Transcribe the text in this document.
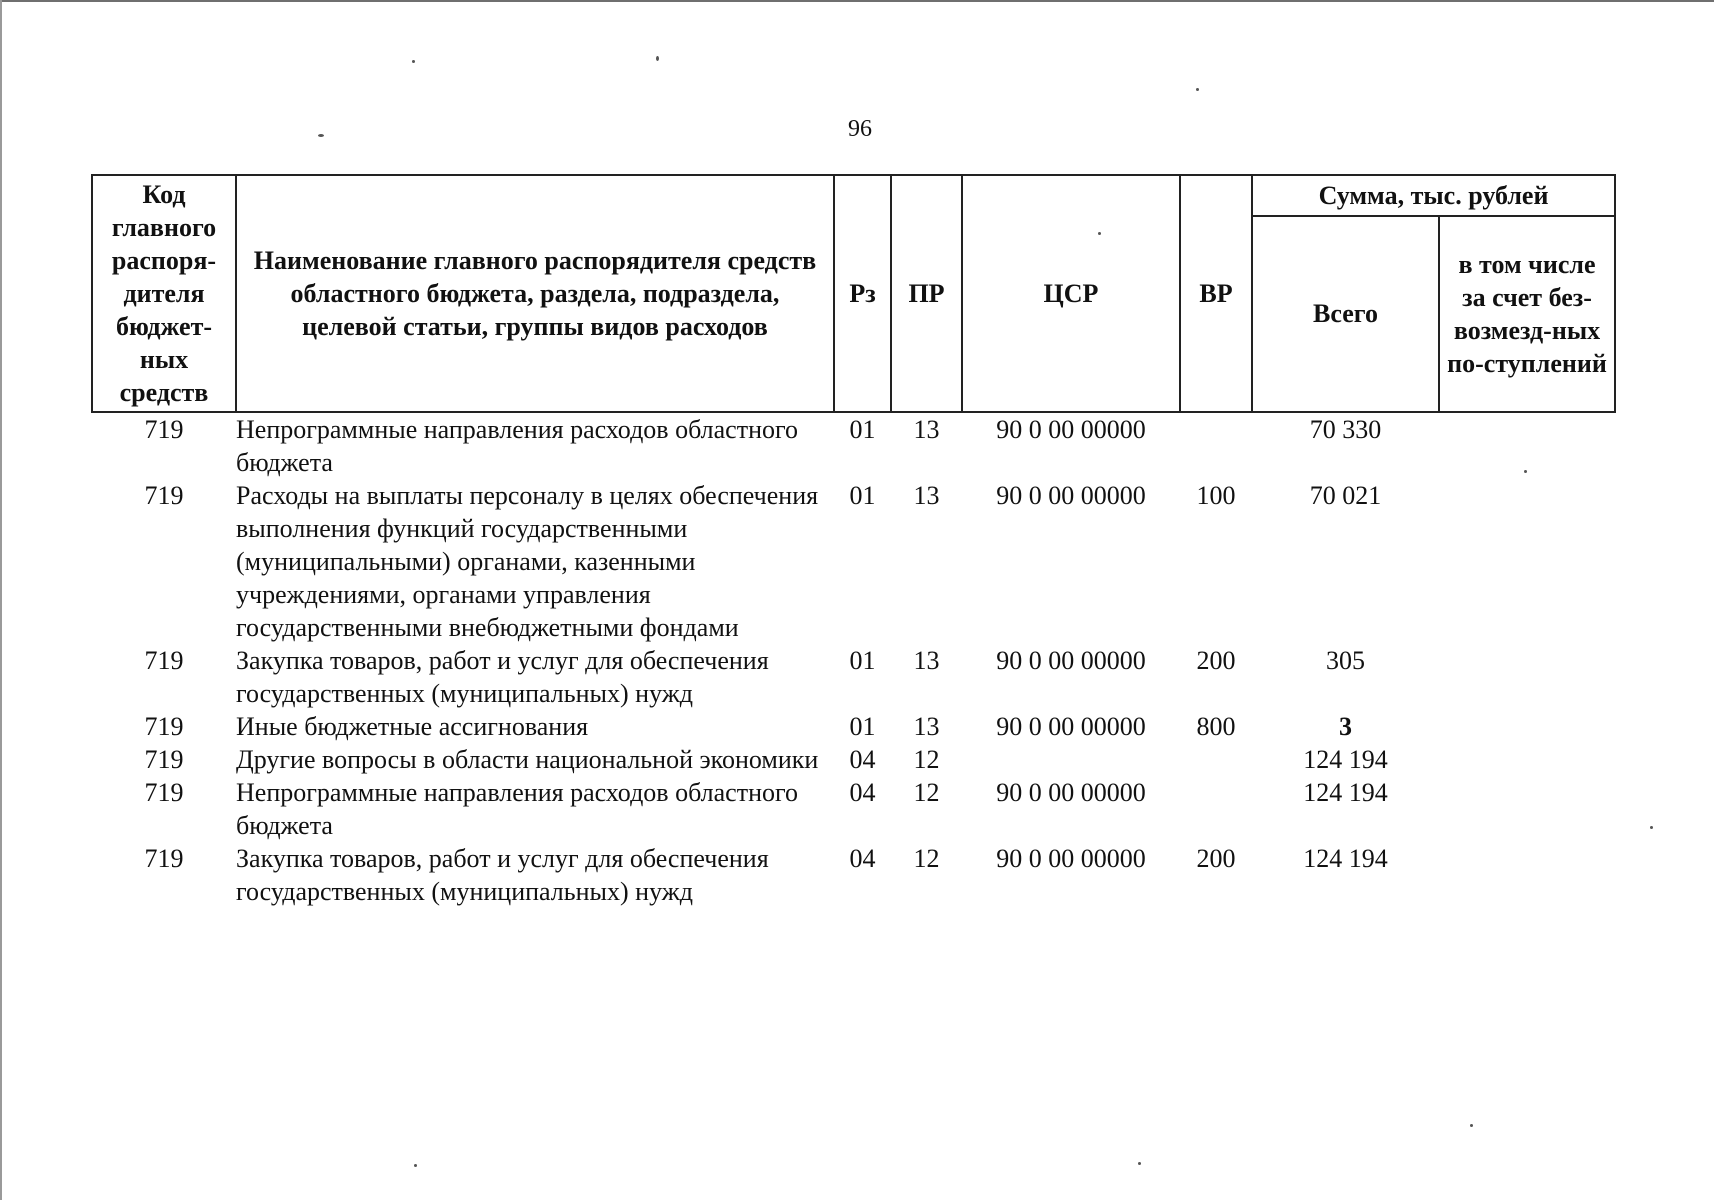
96
Код главного распоря-дителя бюджет-ных средств	Наименование главного распорядителя средств областного бюджета, раздела, подраздела, целевой статьи, группы видов расходов	Рз	ПР	ЦСР	ВР	Сумма, тыс. рублей	
						Всего	в том числе за счет без-возмезд-ных по-ступлений
719	Непрограммные направления расходов областного бюджета	01	13	90 0 00 00000		70 330	
719	Расходы на выплаты персоналу в целях обеспечения выполнения функций государственными (муниципальными) органами, казенными учреждениями, органами управления государственными внебюджетными фондами	01	13	90 0 00 00000	100	70 021	
719	Закупка товаров, работ и услуг для обеспечения государственных (муниципальных) нужд	01	13	90 0 00 00000	200	305	
719	Иные бюджетные ассигнования	01	13	90 0 00 00000	800	3	
719	Другие вопросы в области национальной экономики	04	12			124 194	
719	Непрограммные направления расходов областного бюджета	04	12	90 0 00 00000		124 194	
719	Закупка товаров, работ и услуг для обеспечения государственных (муниципальных) нужд	04	12	90 0 00 00000	200	124 194	
